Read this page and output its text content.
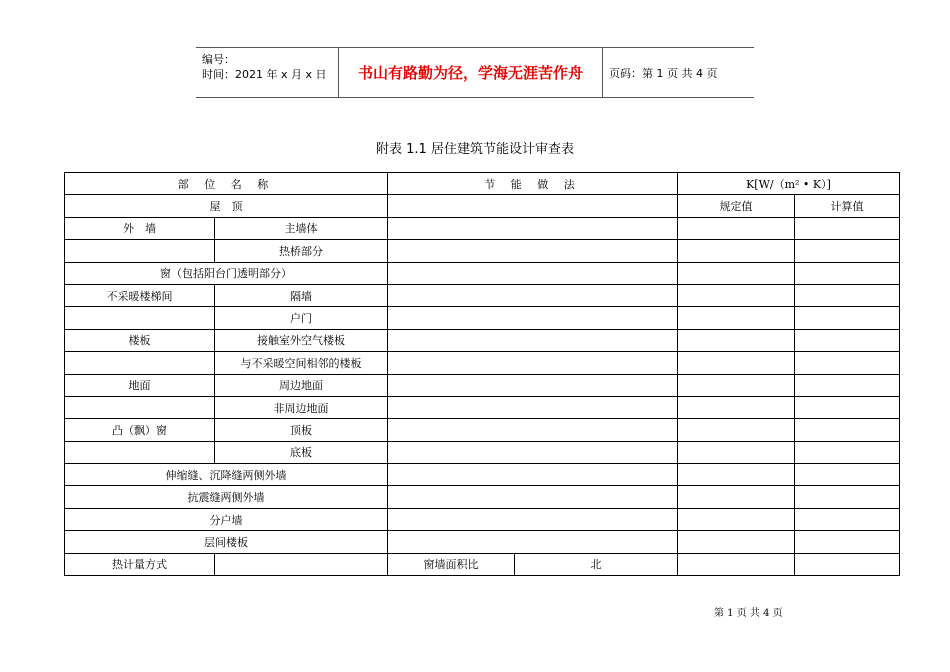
编号：
时间：2021 年 x 月 x 日	书山有路勤为径，学海无涯苦作舟	页码：第 1 页 共 4 页
附表 1.1 居住建筑节能设计审查表
部 位 名 称		节 能 做 法		K[W/（m² • K）]	
屋　顶				规定值	计算值
外　墙	主墙体				
	热桥部分				
窗（包括阳台门透明部分）					
不采暖楼梯间	隔墙				
	户门				
楼板	接触室外空气楼板				
	与不采暖空间相邻的楼板				
地面	周边地面				
	非周边地面				
凸（飘）窗	顶板				
	底板				
伸缩缝、沉降缝两侧外墙					
抗震缝两侧外墙					
分户墙					
层间楼板					
热计量方式		窗墙面积比	北		
第 1 页 共 4 页
